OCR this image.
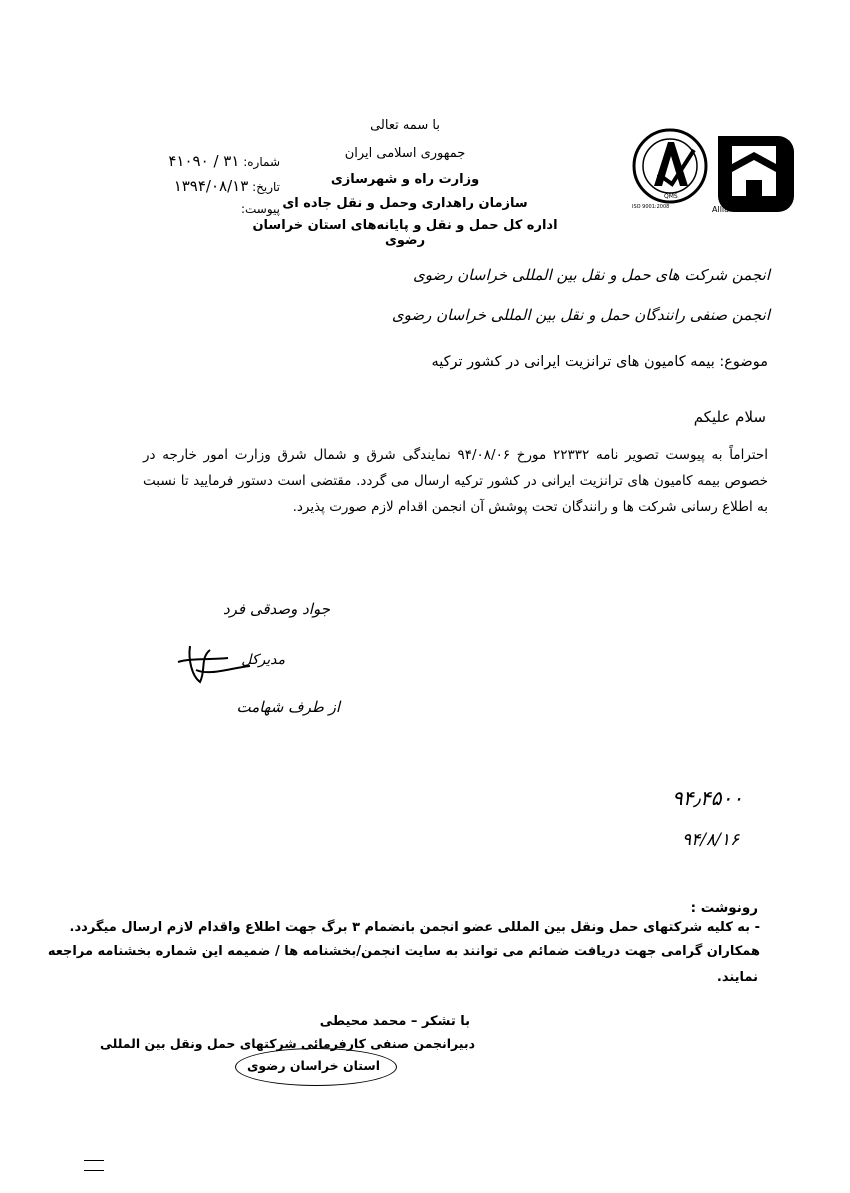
با سمه تعالی
جمهوری اسلامی ایران
وزارت راه و شهرسازی
سازمان راهداری وحمل و نقل جاده ای
اداره کل حمل و نقل و پایانه‌های استان خراسان رضوی
شماره: ۳۱ / ۴۱۰۹۰
تاریخ: ۱۳۹۴/۰۸/۱۳
پیوست:
QMS
ISO 9001:2008	Alliance
انجمن شرکت های حمل و نقل بین المللی خراسان رضوی
انجمن صنفی رانندگان حمل و نقل بین المللی خراسان رضوی
موضوع: بیمه کامیون های ترانزیت ایرانی در کشور ترکیه
سلام علیکم
احتراماً به پیوست تصویر نامه ۲۲۳۳۲ مورخ ۹۴/۰۸/۰۶ نمایندگی شرق و شمال شرق وزارت امور خارجه در خصوص بیمه کامیون های ترانزیت ایرانی در کشور ترکیه ارسال می گردد. مقتضی است دستور فرمایید تا نسبت به اطلاع رسانی شرکت ها و رانندگان تحت پوشش آن انجمن اقدام لازم صورت پذیرد.
جواد وصدقی فرد
مدیرکل
از طرف شهامت
۹۴٫۴۵۰۰
۹۴/۸/۱۶
رونوشت :
- به کلیه شرکتهای حمل ونقل بین المللی عضو انجمن بانضمام ۳ برگ جهت اطلاع واقدام لازم ارسال میگردد.
همکاران گرامی جهت دریافت ضمائم می توانند به سایت انجمن/بخشنامه ها / ضمیمه این شماره بخشنامه مراجعه
نمایند.
با تشکر – محمد محیطی
دبیرانجمن صنفی کارفرمائی شرکتهای حمل ونقل بین المللی
استان خراسان رضوی
